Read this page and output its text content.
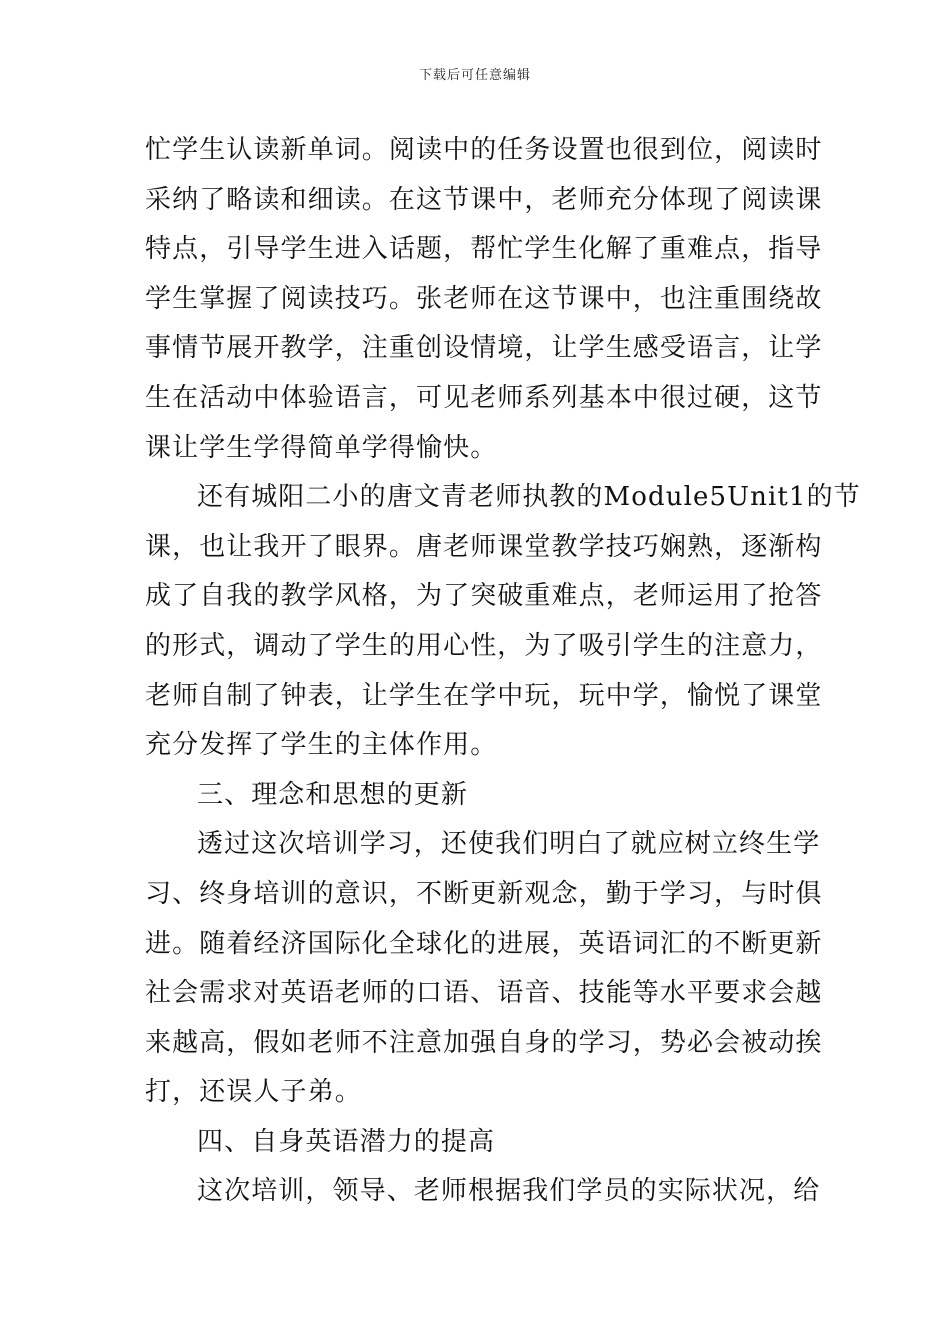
下载后可任意编辑
忙学生认读新单词。阅读中的任务设置也很到位，阅读时
采纳了略读和细读。在这节课中，老师充分体现了阅读课
特点，引导学生进入话题，帮忙学生化解了重难点，指导
学生掌握了阅读技巧。张老师在这节课中，也注重围绕故
事情节展开教学，注重创设情境，让学生感受语言，让学
生在活动中体验语言，可见老师系列基本中很过硬，这节
课让学生学得简单学得愉快。
还有城阳二小的唐文青老师执教的Module5Unit1的节
课，也让我开了眼界。唐老师课堂教学技巧娴熟，逐渐构
成了自我的教学风格，为了突破重难点，老师运用了抢答
的形式，调动了学生的用心性，为了吸引学生的注意力，
老师自制了钟表，让学生在学中玩，玩中学，愉悦了课堂
充分发挥了学生的主体作用。
三、理念和思想的更新
透过这次培训学习，还使我们明白了就应树立终生学
习、终身培训的意识，不断更新观念，勤于学习，与时俱
进。随着经济国际化全球化的进展，英语词汇的不断更新
社会需求对英语老师的口语、语音、技能等水平要求会越
来越高，假如老师不注意加强自身的学习，势必会被动挨
打，还误人子弟。
四、自身英语潜力的提高
这次培训，领导、老师根据我们学员的实际状况，给
